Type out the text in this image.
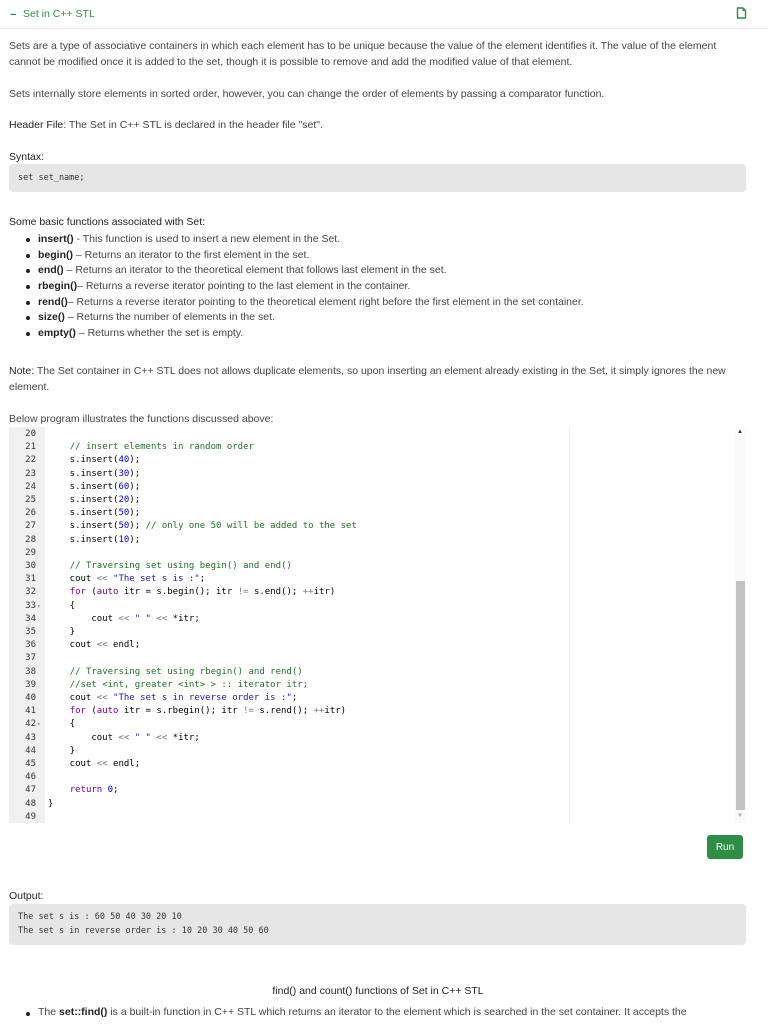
− Set in C++ STL
Sets are a type of associative containers in which each element has to be unique because the value of the element identifies it. The value of the element cannot be modified once it is added to the set, though it is possible to remove and add the modified value of that element.
Sets internally store elements in sorted order, however, you can change the order of elements by passing a comparator function.
Header File: The Set in C++ STL is declared in the header file "set".
Syntax:
set set_name;
Some basic functions associated with Set:
insert() - This function is used to insert a new element in the Set.
begin() – Returns an iterator to the first element in the set.
end() – Returns an iterator to the theoretical element that follows last element in the set.
rbegin()– Returns a reverse iterator pointing to the last element in the container.
rend()– Returns a reverse iterator pointing to the theoretical element right before the first element in the set container.
size() – Returns the number of elements in the set.
empty() – Returns whether the set is empty.
Note: The Set container in C++ STL does not allows duplicate elements, so upon inserting an element already existing in the Set, it simply ignores the new element.
Below program illustrates the functions discussed above:
20
21	// insert elements in random order
22 s.insert(40);
23 s.insert(30);
24 s.insert(60);
25 s.insert(20);
26 s.insert(50);
27 s.insert(50); // only one 50 will be added to the set
28 s.insert(10);
29
30	// Traversing set using begin() and end()
31 cout << "The set s is :";
32	for (auto itr = s.begin(); itr != s.end(); ++itr)
33 ▾ {
34 cout << " " << *itr;
35 }
36 cout << endl;
37
38	// Traversing set using rbegin() and rend()
39	//set <int, greater <int> > :: iterator itr;
40 cout << "The set s in reverse order is :";
41	for (auto itr = s.rbegin(); itr != s.rend(); ++itr)
42 ▾ {
43 cout << " " << *itr;
44 }
45 cout << endl;
46
47	return 0;
48 }
49
▲
▼
Run
Output:
The set s is : 60 50 40 30 20 10
The set s in reverse order is : 10 20 30 40 50 60
find() and count() functions of Set in C++ STL
The set::find() is a built-in function in C++ STL which returns an iterator to the element which is searched in the set container. It accepts the
